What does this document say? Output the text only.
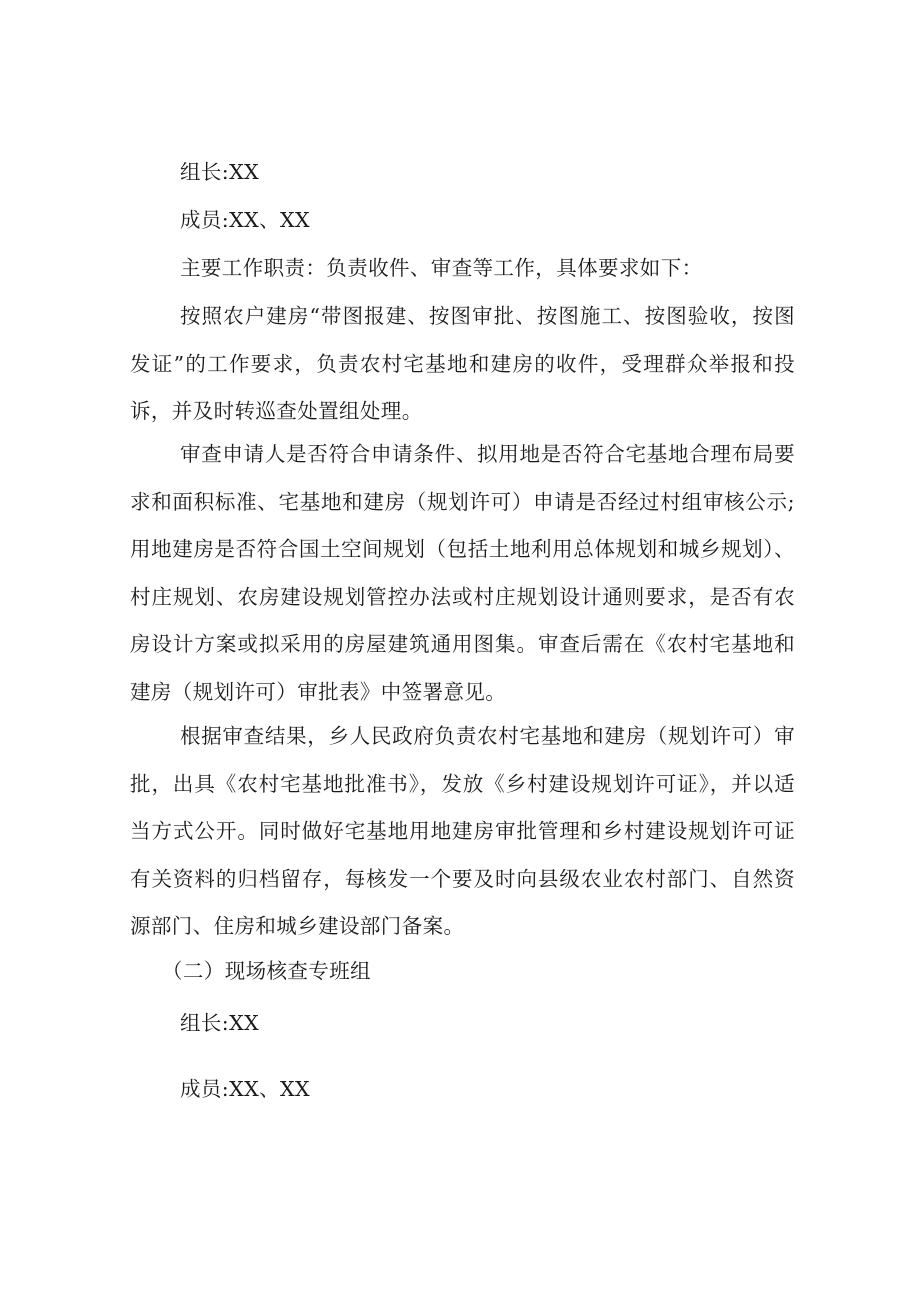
组长:XX

成员:XX、XX

主要工作职责：负责收件、审查等工作，具体要求如下：

按照农户建房“带图报建、按图审批、按图施工、按图验收，按图发证”的工作要求，负责农村宅基地和建房的收件，受理群众举报和投诉，并及时转巡查处置组处理。

审查申请人是否符合申请条件、拟用地是否符合宅基地合理布局要求和面积标准、宅基地和建房（规划许可）申请是否经过村组审核公示;用地建房是否符合国土空间规划（包括土地利用总体规划和城乡规划）、村庄规划、农房建设规划管控办法或村庄规划设计通则要求，是否有农房设计方案或拟采用的房屋建筑通用图集。审查后需在《农村宅基地和建房（规划许可）审批表》中签署意见。

根据审查结果，乡人民政府负责农村宅基地和建房（规划许可）审批，出具《农村宅基地批准书》，发放《乡村建设规划许可证》，并以适当方式公开。同时做好宅基地用地建房审批管理和乡村建设规划许可证有关资料的归档留存，每核发一个要及时向县级农业农村部门、自然资源部门、住房和城乡建设部门备案。

（二）现场核查专班组

组长:XX

成员:XX、XX
